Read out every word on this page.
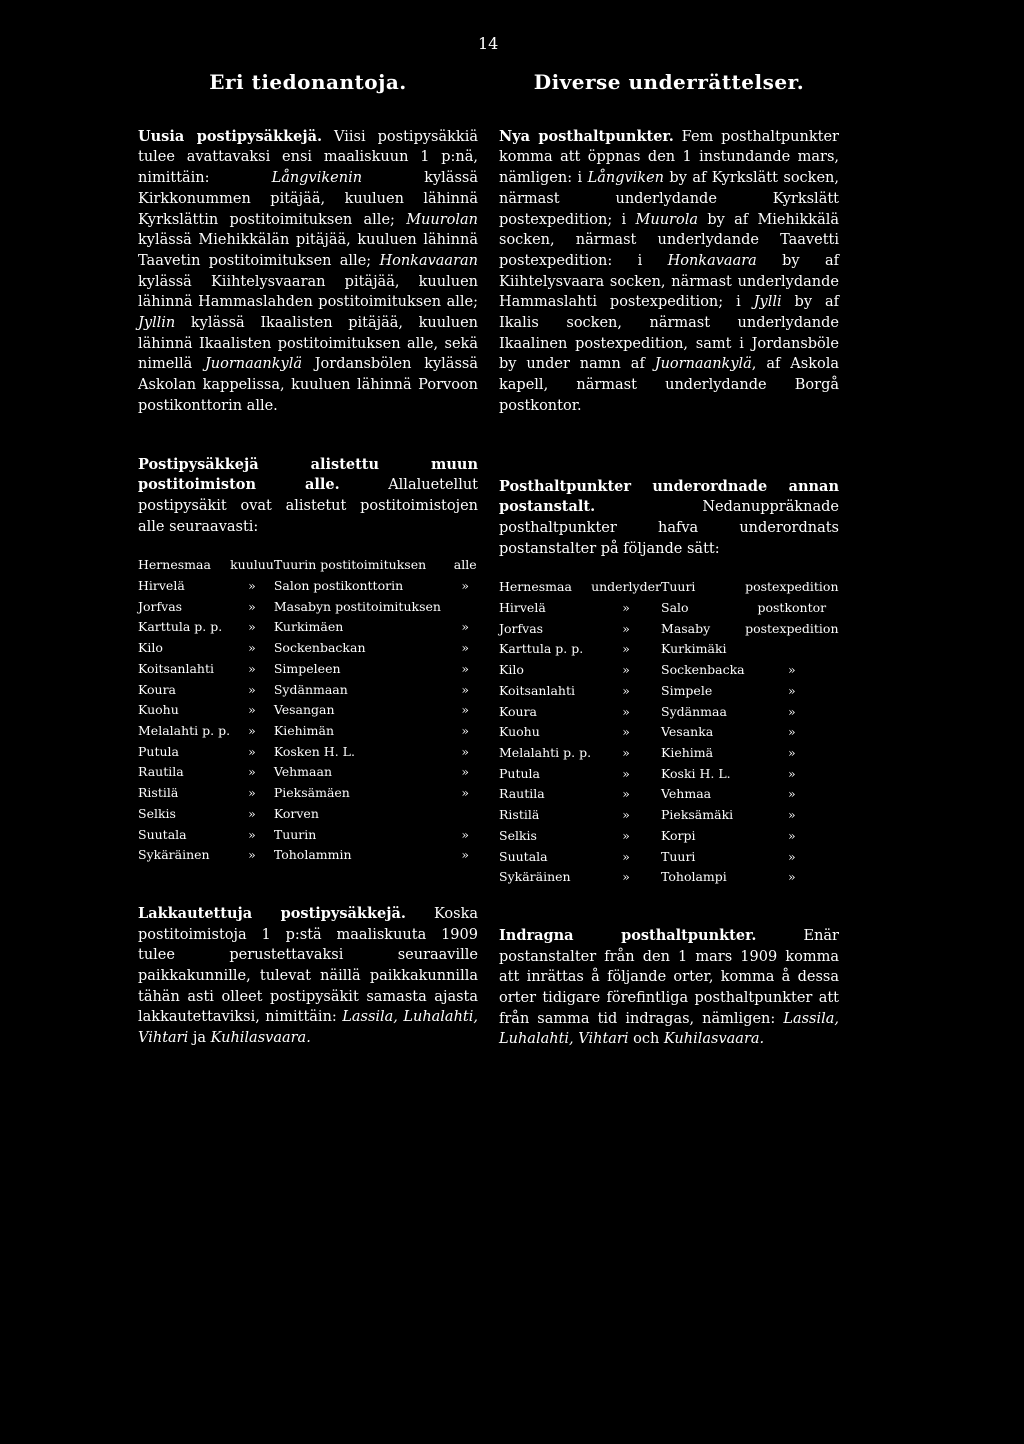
14
Eri tiedonantoja.

Uusia postipysäkkejä. Viisi postipysäkkiä tulee avattavaksi ensi maaliskuun 1 p:nä, nimittäin: Långvikenin kylässä Kirkkonummen pitäjää, kuuluen lähinnä Kyrkslättin postitoimituksen alle; Muurolan kylässä Miehikkälän pitäjää, kuuluen lähinnä Taavetin postitoimituksen alle; Honkavaaran kylässä Kiihtelysvaaran pitäjää, kuuluen lähinnä Hammaslahden postitoimituksen alle; Jyllin kylässä Ikaalisten pitäjää, kuuluen lähinnä Ikaalisten postitoimituksen alle, sekä nimellä Juornaankylä Jordansbölen kylässä Askolan kappelissa, kuuluen lähinnä Porvoon postikonttorin alle.

Postipysäkkejä alistettu muun postitoimiston alle. Allaluetellut postipysäkit ovat alistetut postitoimistojen alle seuraavasti:

Hernesmaa	kuuluu	Tuurin postitoimituksen	alle
Hirvelä	»	Salon postikonttorin	»
Jorfvas	»	Masabyn postitoimituksen	
Karttula p. p.	»	Kurkimäen	»
Kilo	»	Sockenbackan	»
Koitsanlahti	»	Simpeleen	»
Koura	»	Sydänmaan	»
Kuohu	»	Vesangan	»
Melalahti p. p.	»	Kiehimän	»
Putula	»	Kosken H. L.	»
Rautila	»	Vehmaan	»
Ristilä	»	Pieksämäen	»
Selkis	»	Korven	
Suutala	»	Tuurin	»
Sykäräinen	»	Toholammin	»

Lakkautettuja postipysäkkejä. Koska postitoimistoja 1 p:stä maaliskuuta 1909 tulee perustettavaksi seuraaville paikkakunnille, tulevat näillä paikkakunnilla tähän asti olleet postipysäkit samasta ajasta lakkautettaviksi, nimittäin: Lassila, Luhalahti, Vihtari ja Kuhilasvaara.

Diverse underrättelser.

Nya posthaltpunkter. Fem posthaltpunkter komma att öppnas den 1 instundande mars, nämligen: i Långviken by af Kyrkslätt socken, närmast underlydande Kyrkslätt postexpedition; i Muurola by af Miehikkälä socken, närmast underlydande Taavetti postexpedition: i Honkavaara by af Kiihtelysvaara socken, närmast underlydande Hammaslahti postexpedition; i Jylli by af Ikalis socken, närmast underlydande Ikaalinen postexpedition, samt i Jordansböle by under namn af Juornaankylä, af Askola kapell, närmast underlydande Borgå postkontor.

Posthaltpunkter underordnade annan postanstalt. Nedanuppräknade posthaltpunkter hafva underordnats postanstalter på följande sätt:

Hernesmaa	underlyder	Tuuri	postexpedition
Hirvelä	»	Salo	postkontor
Jorfvas	»	Masaby	postexpedition
Karttula p. p.	»	Kurkimäki	
Kilo	»	Sockenbacka	»
Koitsanlahti	»	Simpele	»
Koura	»	Sydänmaa	»
Kuohu	»	Vesanka	»
Melalahti p. p.	»	Kiehimä	»
Putula	»	Koski H. L.	»
Rautila	»	Vehmaa	»
Ristilä	»	Pieksämäki	»
Selkis	»	Korpi	»
Suutala	»	Tuuri	»
Sykäräinen	»	Toholampi	»

Indragna posthaltpunkter. Enär postanstalter från den 1 mars 1909 komma att inrättas å följande orter, komma å dessa orter tidigare förefintliga posthaltpunkter att från samma tid indragas, nämligen: Lassila, Luhalahti, Vihtari och Kuhilasvaara.
